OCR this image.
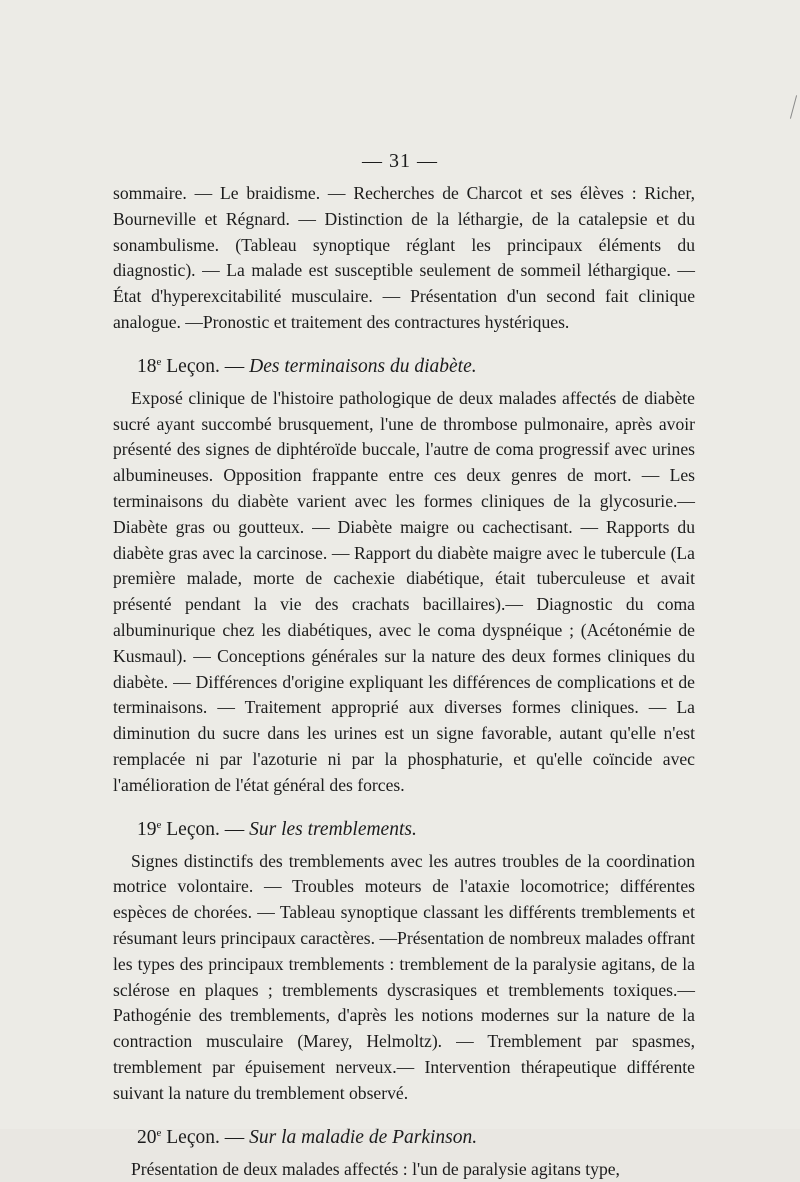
— 31 —

sommaire. — Le braidisme. — Recherches de Charcot et ses élèves : Richer, Bourneville et Régnard. — Distinction de la léthargie, de la catalepsie et du sonambulisme. (Tableau synoptique réglant les principaux éléments du diagnostic). — La malade est susceptible seulement de sommeil léthargique. — État d'hyperexcitabilité musculaire. — Présentation d'un second fait clinique analogue. —Pronostic et traitement des contractures hystériques.

18e Leçon. — Des terminaisons du diabète.

Exposé clinique de l'histoire pathologique de deux malades affectés de diabète sucré ayant succombé brusquement, l'une de thrombose pulmonaire, après avoir présenté des signes de diphtéroïde buccale, l'autre de coma progressif avec urines albumineuses. Opposition frappante entre ces deux genres de mort. — Les terminaisons du diabète varient avec les formes cliniques de la glycosurie.— Diabète gras ou goutteux. — Diabète maigre ou cachectisant. — Rapports du diabète gras avec la carcinose. — Rapport du diabète maigre avec le tubercule (La première malade, morte de cachexie diabétique, était tuberculeuse et avait présenté pendant la vie des crachats bacillaires).— Diagnostic du coma albuminurique chez les diabétiques, avec le coma dyspnéique ; (Acétonémie de Kusmaul). — Conceptions générales sur la nature des deux formes cliniques du diabète. — Différences d'origine expliquant les différences de complications et de terminaisons. — Traitement approprié aux diverses formes cliniques. — La diminution du sucre dans les urines est un signe favorable, autant qu'elle n'est remplacée ni par l'azoturie ni par la phosphaturie, et qu'elle coïncide avec l'amélioration de l'état général des forces.

19e Leçon. — Sur les tremblements.

Signes distinctifs des tremblements avec les autres troubles de la coordination motrice volontaire. — Troubles moteurs de l'ataxie locomotrice; différentes espèces de chorées. — Tableau synoptique classant les différents tremblements et résumant leurs principaux caractères. —Présentation de nombreux malades offrant les types des principaux tremblements : tremblement de la paralysie agitans, de la sclérose en plaques ; tremblements dyscrasiques et tremblements toxiques.— Pathogénie des tremblements, d'après les notions modernes sur la nature de la contraction musculaire (Marey, Helmoltz). — Tremblement par spasmes, tremblement par épuisement nerveux.— Intervention thérapeutique différente suivant la nature du tremblement observé.

20e Leçon. — Sur la maladie de Parkinson.

Présentation de deux malades affectés : l'un de paralysie agitans type,
